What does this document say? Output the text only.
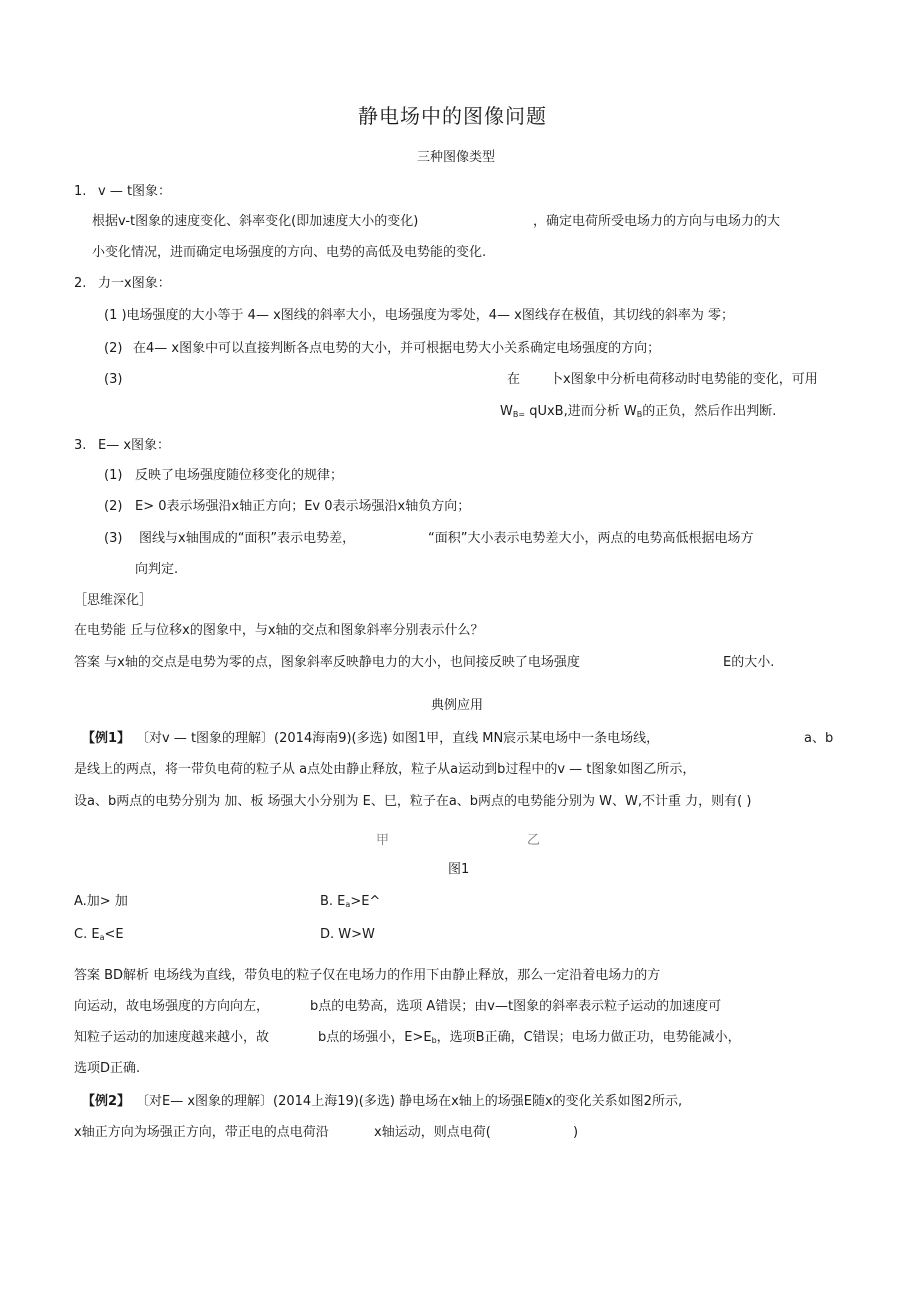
静电场中的图像问题
三种图像类型
1. v — t图象：
根据v-t图象的速度变化、斜率变化(即加速度大小的变化)	，确定电荷所受电场力的方向与电场力的大
小变化情况，进而确定电场强度的方向、电势的高低及电势能的变化.
2. 力一x图象：
(1 )电场强度的大小等于 4— x图线的斜率大小，电场强度为零处，4— x图线存在极值，其切线的斜率为 零；
(2) 在4— x图象中可以直接判断各点电势的大小，并可根据电势大小关系确定电场强度的方向；
(3)	在 卜x图象中分析电荷移动时电势能的变化，可用
$W_{B=}$ qUxB,进而分析 $W_B$的正负，然后作出判断.
3. E— x图象：
(1) 反映了电场强度随位移变化的规律；
(2) E> 0表示场强沿x轴正方向；Ev 0表示场强沿x轴负方向；
(3) 图线与x轴围成的“面积”表示电势差，	“面积”大小表示电势差大小，两点的电势高低根据电场方
向判定.
［思维深化］
在电势能 丘与位移x的图象中，与x轴的交点和图象斜率分别表示什么？
答案 与x轴的交点是电势为零的点，图象斜率反映静电力的大小，也间接反映了电场强度	E的大小.
典例应用
【例1】 〔对v — t图象的理解〕(2014海南9)(多选) 如图1甲，直线 MN宸示某电场中一条电场线，	a、b
是线上的两点，将一带负电荷的粒子从 a点处由静止释放，粒子从a运动到b过程中的v — t图象如图乙所示，
设a、b两点的电势分别为 加、板 场强大小分别为 E、巳，粒子在a、b两点的电势能分别为 W、W,不计重 力，则有( )
甲	乙
图1
A.加> 加	B. $E_a>E\^{}$
C. $E_a<E$	D. W>W
答案 BD解析 电场线为直线，带负电的粒子仅在电场力的作用下由静止释放，那么一定沿着电场力的方
向运动，故电场强度的方向向左，	b点的电势高，选项 A错误；由v—t图象的斜率表示粒子运动的加速度可
知粒子运动的加速度越来越小，故	b点的场强小，$E>E_b$，选项B正确，C错误；电场力做正功，电势能减小，
选项D正确.
【例2】 〔对E— x图象的理解〕(2014上海19)(多选) 静电场在x轴上的场强E随x的变化关系如图2所示,
x轴正方向为场强正方向，带正电的点电荷沿	x轴运动，则点电荷(	)
